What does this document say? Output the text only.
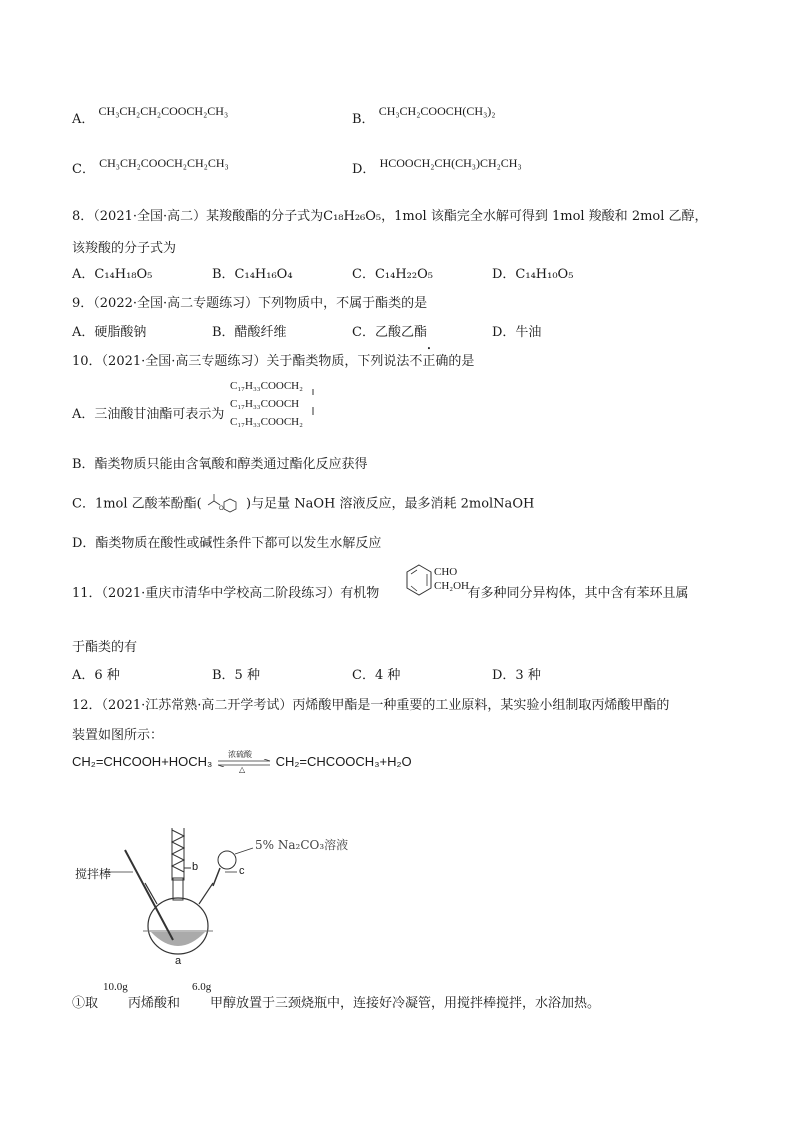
A． CH₃CH₂CH₂COOCH₂CH₃
B． CH₃CH₂COOCH(CH₃)₂
C． CH₃CH₂COOCH₂CH₂CH₃	D． HCOOCH₂CH(CH₃)CH₂CH₃
8．（2021·全国·高二）某羧酸酯的分子式为C₁₈H₂₆O₅，1mol 该酯完全水解可得到 1mol 羧酸和 2mol 乙醇，
该羧酸的分子式为
A．C₁₄H₁₈O₅	B．C₁₄H₁₆O₄	C．C₁₄H₂₂O₅	D．C₁₄H₁₀O₅
9．（2022·全国·高二专题练习）下列物质中，不属于酯类的是
A．硬脂酸钠	B．醋酸纤维	C．乙酸乙酯	D．牛油
10．（2021·全国·高三专题练习）关于酯类物质，下列说法不正确的是
A．三油酸甘油酯可表示为
C₁₇H₃₃COOCH₂
C₁₇H₃₃COOCH
C₁₇H₃₃COOCH₂
B．酯类物质只能由含氧酸和醇类通过酯化反应获得
C．1mol 乙酸苯酚酯(	O )与足量 NaOH 溶液反应，最多消耗 2molNaOH
D．酯类物质在酸性或碱性条件下都可以发生水解反应
11．（2021·重庆市清华中学校高二阶段练习）有机物	有多种同分异构体，其中含有苯环且属
CHO
CH₂OH
于酯类的有
A．6 种	B．5 种	C．4 种	D．3 种
12．（2021·江苏常熟·高二开学考试）丙烯酸甲酯是一种重要的工业原料，某实验小组制取丙烯酸甲酯的
装置如图所示：
CH₂=CHCOOH+HOCH₃ 浓硫酸
△
CH₂=CHCOOCH₃+H₂O
搅拌棒	b	c
a
5% Na₂CO₃溶液
①取 丙烯酸和 甲醇放置于三颈烧瓶中，连接好冷凝管，用搅拌棒搅拌，水浴加热。
10.0g	6.0g
